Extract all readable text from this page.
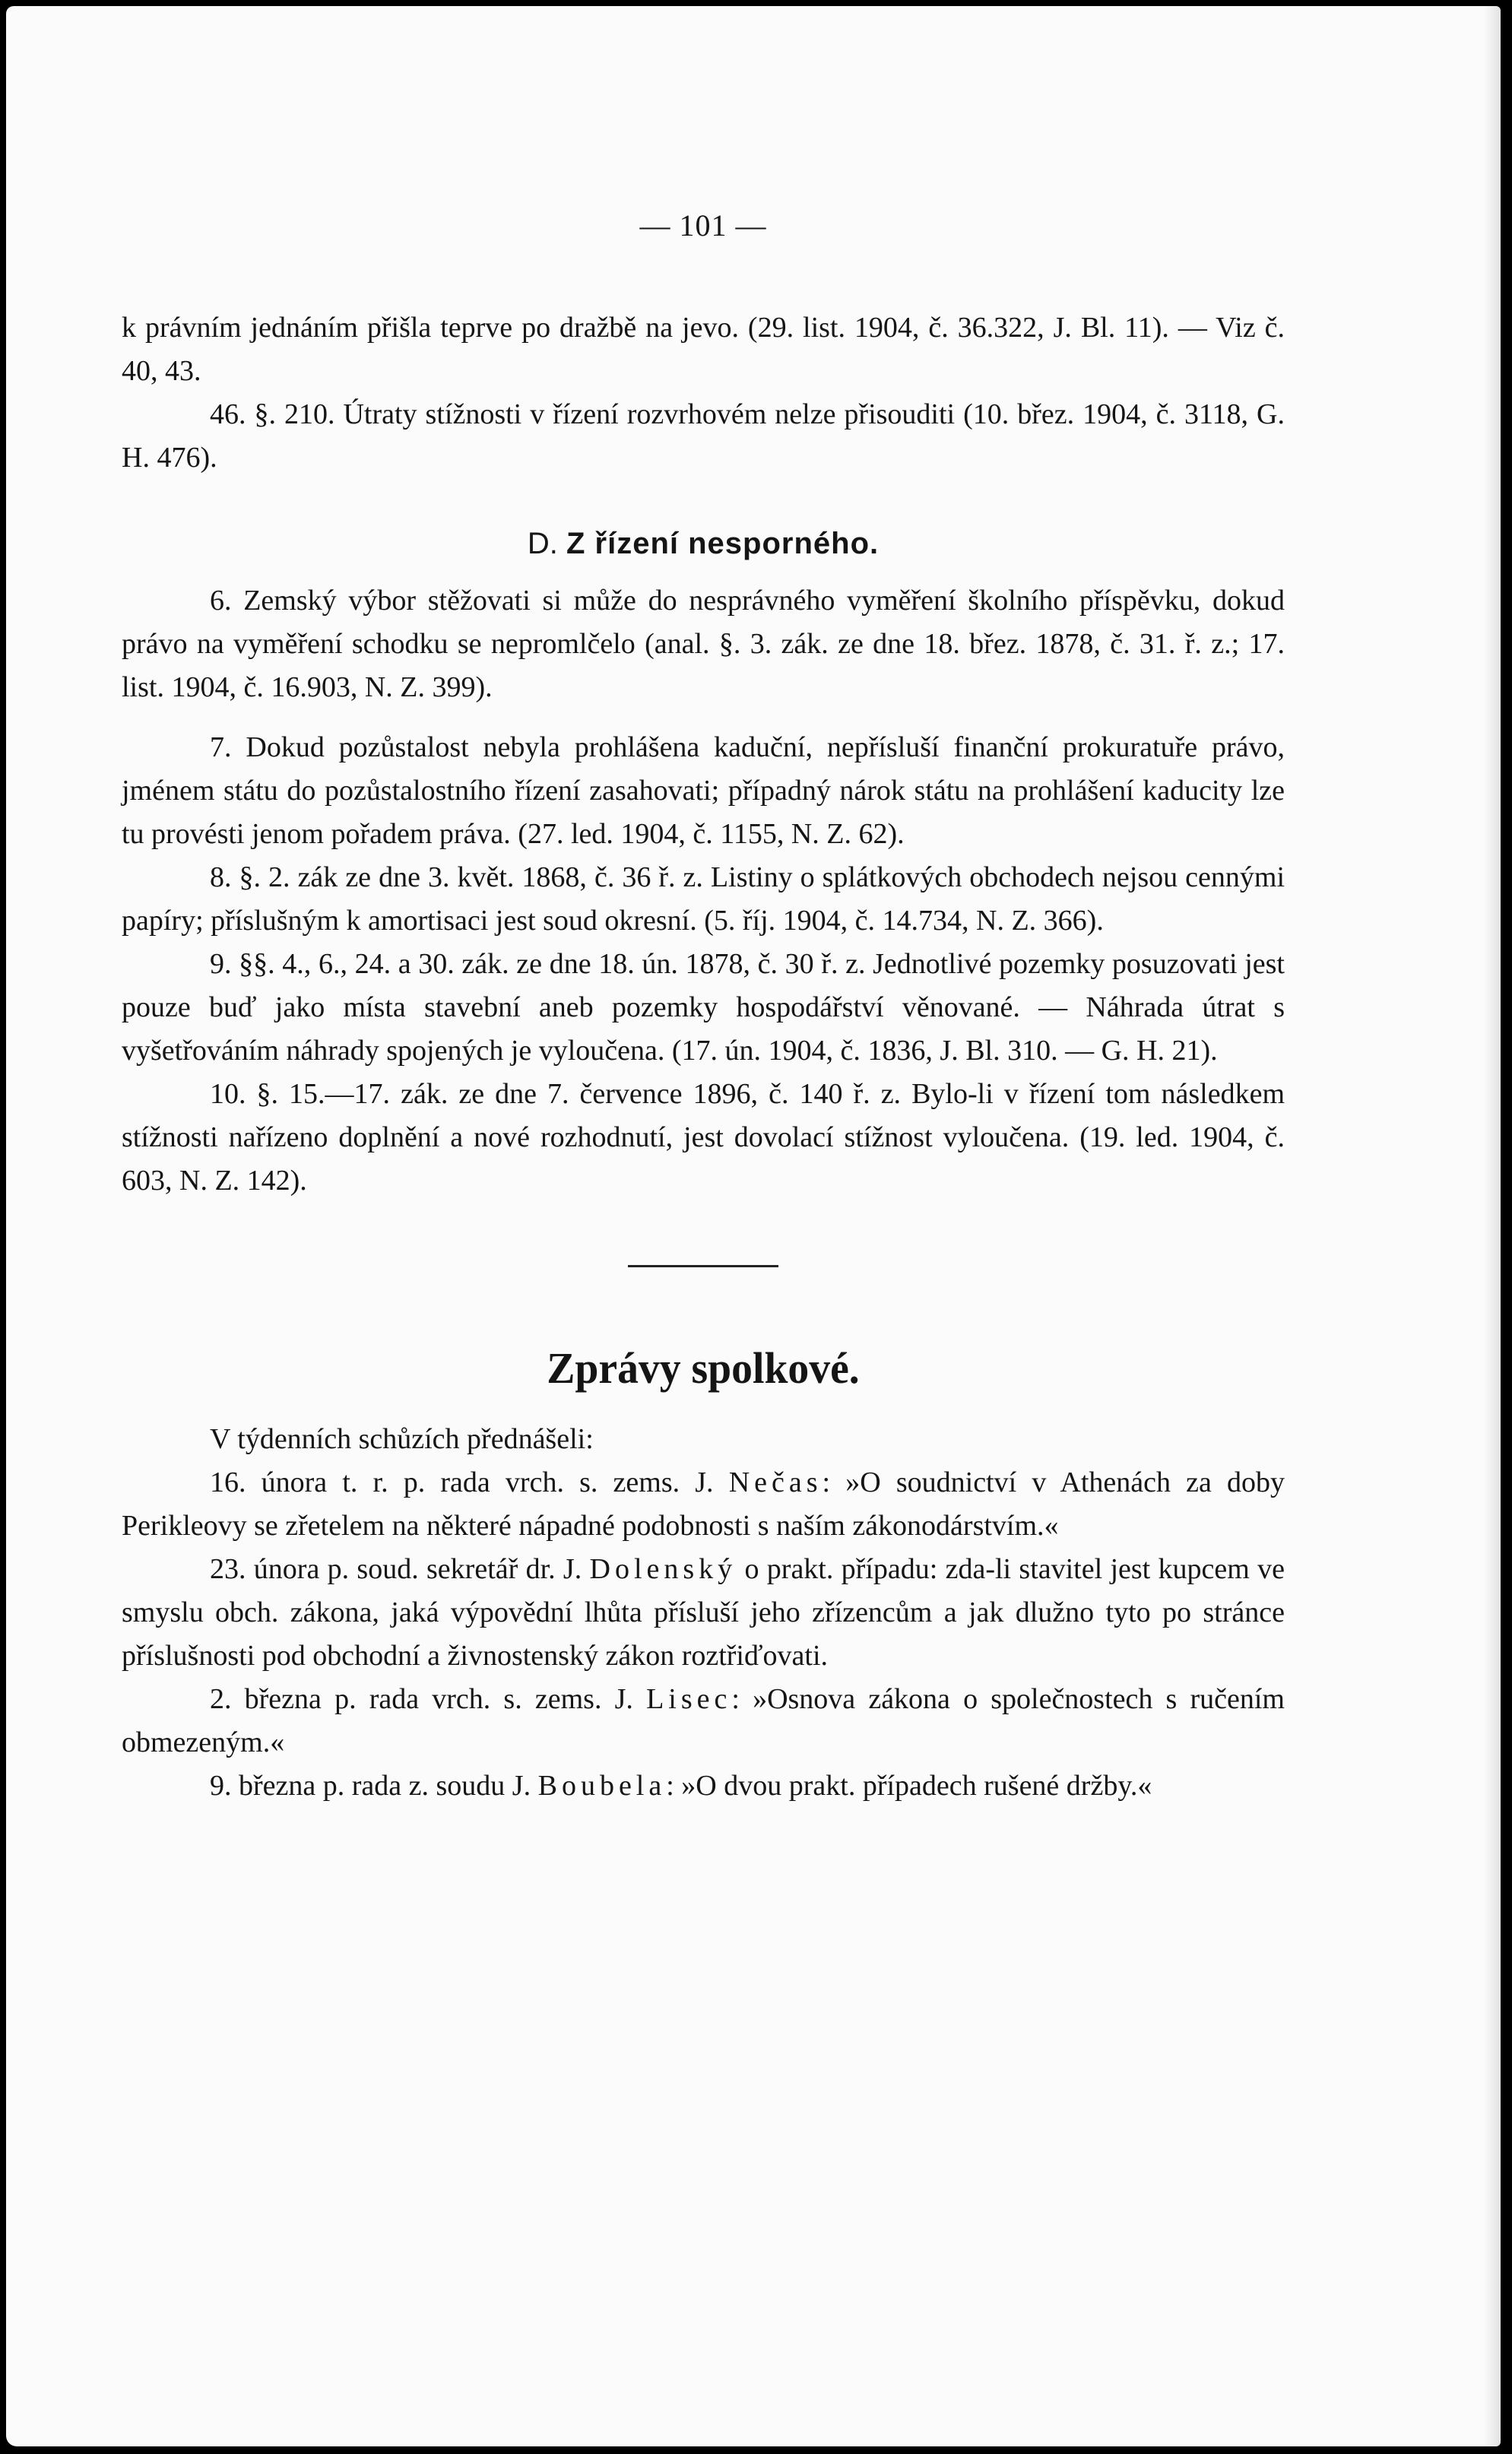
— 101 —

k právním jednáním přišla teprve po dražbě na jevo. (29. list. 1904, č. 36.322, J. Bl. 11). — Viz č. 40, 43.

46. §. 210. Útraty stížnosti v řízení rozvrhovém nelze přisouditi (10. břez. 1904, č. 3118, G. H. 476).

D. Z řízení nesporného.

6. Zemský výbor stěžovati si může do nesprávného vyměření školního příspěvku, dokud právo na vyměření schodku se nepromlčelo (anal. §. 3. zák. ze dne 18. břez. 1878, č. 31. ř. z.; 17. list. 1904, č. 16.903, N. Z. 399).

7. Dokud pozůstalost nebyla prohlášena kaduční, nepřísluší finanční prokuratuře právo, jménem státu do pozůstalostního řízení zasahovati; případný nárok státu na prohlášení kaducity lze tu provésti jenom pořadem práva. (27. led. 1904, č. 1155, N. Z. 62).

8. §. 2. zák ze dne 3. květ. 1868, č. 36 ř. z. Listiny o splátkových obchodech nejsou cennými papíry; příslušným k amortisaci jest soud okresní. (5. říj. 1904, č. 14.734, N. Z. 366).

9. §§. 4., 6., 24. a 30. zák. ze dne 18. ún. 1878, č. 30 ř. z. Jednotlivé pozemky posuzovati jest pouze buď jako místa stavební aneb pozemky hospodářství věnované. — Náhrada útrat s vyšetřováním náhrady spojených je vyloučena. (17. ún. 1904, č. 1836, J. Bl. 310. — G. H. 21).

10. §. 15.—17. zák. ze dne 7. července 1896, č. 140 ř. z. Bylo-li v řízení tom následkem stížnosti nařízeno doplnění a nové rozhodnutí, jest dovolací stížnost vyloučena. (19. led. 1904, č. 603, N. Z. 142).

Zprávy spolkové.

V týdenních schůzích přednášeli:

16. února t. r. p. rada vrch. s. zems. J. Nečas: »O soudnictví v Athenách za doby Perikleovy se zřetelem na některé nápadné podobnosti s naším zákonodárstvím.«

23. února p. soud. sekretář dr. J. Dolenský o prakt. případu: zda-li stavitel jest kupcem ve smyslu obch. zákona, jaká výpovědní lhůta přísluší jeho zřízencům a jak dlužno tyto po stránce příslušnosti pod obchodní a živnostenský zákon roztřiďovati.

2. března p. rada vrch. s. zems. J. Lisec: »Osnova zákona o společnostech s ručením obmezeným.«

9. března p. rada z. soudu J. Boubela: »O dvou prakt. případech rušené držby.«
